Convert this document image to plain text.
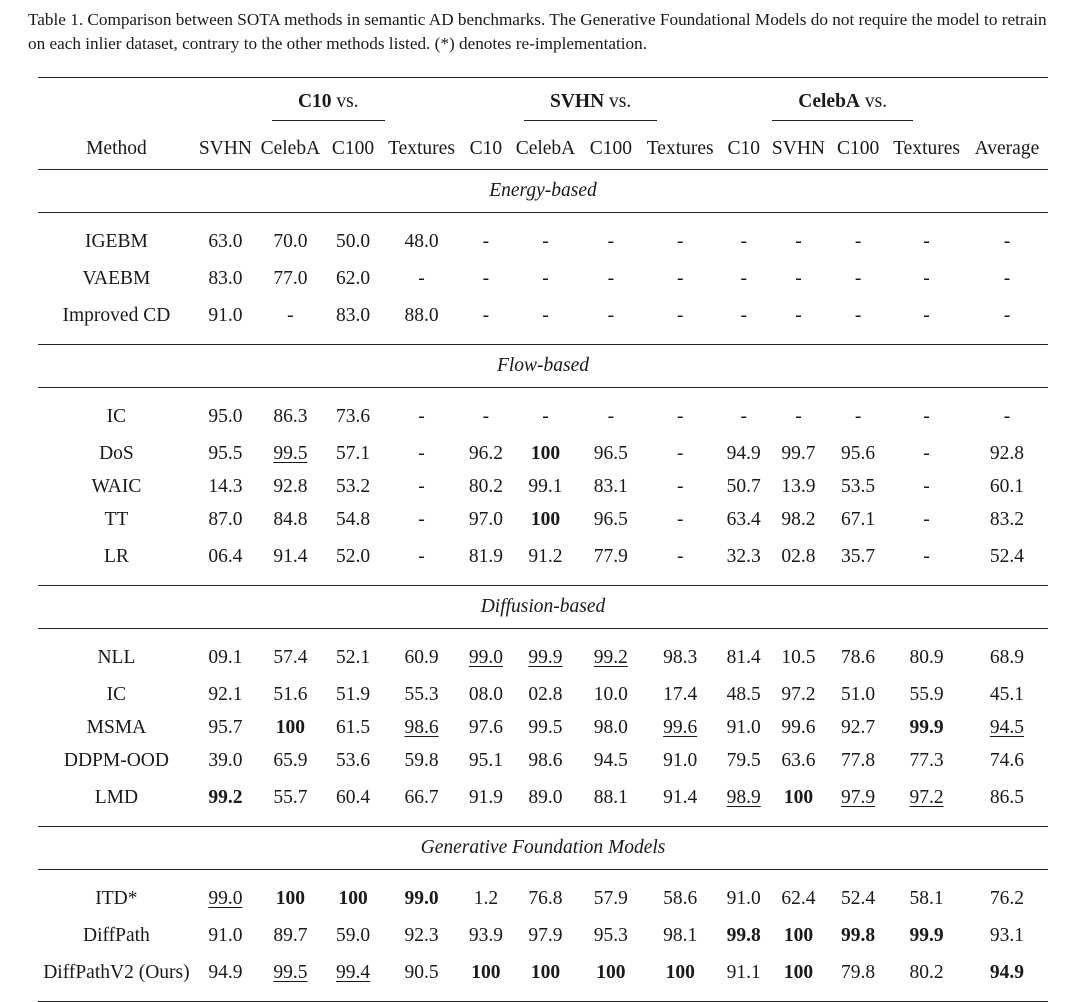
Table 1. Comparison between SOTA methods in semantic AD benchmarks. The Generative Foundational Models do not require the model to retrain on each inlier dataset, contrary to the other methods listed. (*) denotes re-implementation.

	C10 vs.				SVHN vs.				CelebA vs.				
Method	SVHN	CelebA	C100	Textures	C10	CelebA	C100	Textures	C10	SVHN	C100	Textures	Average
Energy-based													
IGEBM	63.0	70.0	50.0	48.0	-	-	-	-	-	-	-	-	-
VAEBM	83.0	77.0	62.0	-	-	-	-	-	-	-	-	-	-
Improved CD	91.0	-	83.0	88.0	-	-	-	-	-	-	-	-	-
Flow-based													
IC	95.0	86.3	73.6	-	-	-	-	-	-	-	-	-	-
DoS	95.5	99.5	57.1	-	96.2	100	96.5	-	94.9	99.7	95.6	-	92.8
WAIC	14.3	92.8	53.2	-	80.2	99.1	83.1	-	50.7	13.9	53.5	-	60.1
TT	87.0	84.8	54.8	-	97.0	100	96.5	-	63.4	98.2	67.1	-	83.2
LR	06.4	91.4	52.0	-	81.9	91.2	77.9	-	32.3	02.8	35.7	-	52.4
Diffusion-based													
NLL	09.1	57.4	52.1	60.9	99.0	99.9	99.2	98.3	81.4	10.5	78.6	80.9	68.9
IC	92.1	51.6	51.9	55.3	08.0	02.8	10.0	17.4	48.5	97.2	51.0	55.9	45.1
MSMA	95.7	100	61.5	98.6	97.6	99.5	98.0	99.6	91.0	99.6	92.7	99.9	94.5
DDPM-OOD	39.0	65.9	53.6	59.8	95.1	98.6	94.5	91.0	79.5	63.6	77.8	77.3	74.6
LMD	99.2	55.7	60.4	66.7	91.9	89.0	88.1	91.4	98.9	100	97.9	97.2	86.5
Generative Foundation Models													
ITD*	99.0	100	100	99.0	1.2	76.8	57.9	58.6	91.0	62.4	52.4	58.1	76.2
DiffPath	91.0	89.7	59.0	92.3	93.9	97.9	95.3	98.1	99.8	100	99.8	99.9	93.1
DiffPathV2 (Ours)	94.9	99.5	99.4	90.5	100	100	100	100	91.1	100	79.8	80.2	94.9
